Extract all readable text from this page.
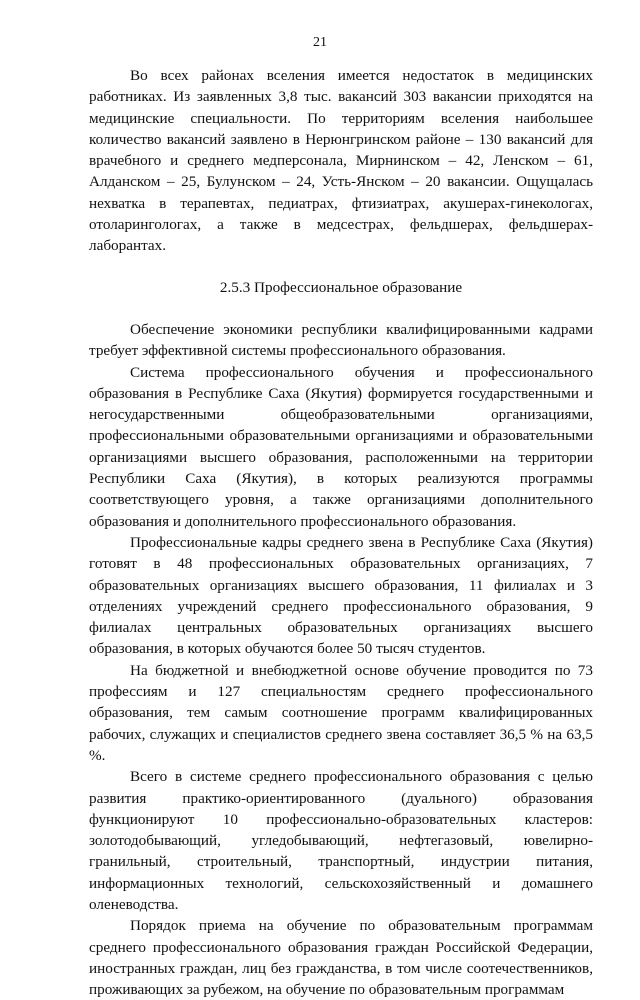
21

Во всех районах вселения имеется недостаток в медицинских работниках. Из заявленных 3,8 тыс. вакансий 303 вакансии приходятся на медицинские специальности. По территориям вселения наибольшее количество вакансий заявлено в Нерюнгринском районе – 130 вакансий для врачебного и среднего медперсонала, Мирнинском – 42, Ленском – 61, Алданском – 25, Булунском – 24, Усть-Янском – 20 вакансии. Ощущалась нехватка в терапевтах, педиатрах, фтизиатрах, акушерах-гинекологах, отоларингологах, а также в медсестрах, фельдшерах, фельдшерах-лаборантах.

2.5.3 Профессиональное образование

Обеспечение экономики республики квалифицированными кадрами требует эффективной системы профессионального образования.

Система профессионального обучения и профессионального образования в Республике Саха (Якутия) формируется государственными и негосударственными общеобразовательными организациями, профессиональными образовательными организациями и образовательными организациями высшего образования, расположенными на территории Республики Саха (Якутия), в которых реализуются программы соответствующего уровня, а также организациями дополнительного образования и дополнительного профессионального образования.

Профессиональные кадры среднего звена в Республике Саха (Якутия) готовят в 48 профессиональных образовательных организациях, 7 образовательных организациях высшего образования, 11 филиалах и 3 отделениях учреждений среднего профессионального образования, 9 филиалах центральных образовательных организациях высшего образования, в которых обучаются более 50 тысяч студентов.

На бюджетной и внебюджетной основе обучение проводится по 73 профессиям и 127 специальностям среднего профессионального образования, тем самым соотношение программ квалифицированных рабочих, служащих и специалистов среднего звена составляет 36,5 % на 63,5 %.

Всего в системе среднего профессионального образования с целью развития практико-ориентированного (дуального) образования функционируют 10 профессионально-образовательных кластеров: золотодобывающий, угледобывающий, нефтегазовый, ювелирно-гранильный, строительный, транспортный, индустрии питания, информационных технологий, сельскохозяйственный и домашнего оленеводства.

Порядок приема на обучение по образовательным программам среднего профессионального образования граждан Российской Федерации, иностранных граждан, лиц без гражданства, в том числе соотечественников, проживающих за рубежом, на обучение по образовательным программам
